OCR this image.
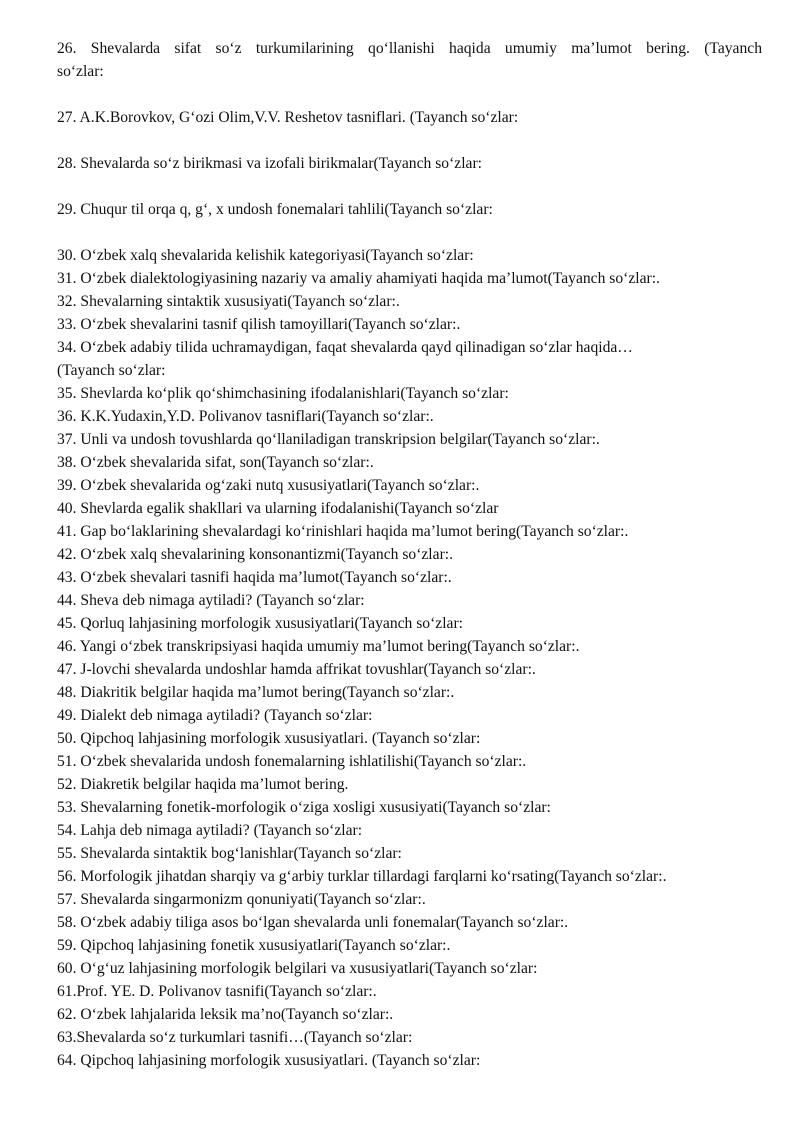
26. Shevalarda sifat so‘z turkumilarining qo‘llanishi haqida umumiy ma’lumot bering. (Tayanch
so‘zlar:
27. A.K.Borovkov, G‘ozi Olim,V.V. Reshetov tasniflari. (Tayanch so‘zlar:
28. Shevalarda so‘z birikmasi va izofali birikmalar(Tayanch so‘zlar:
29. Chuqur til orqa q, g‘, x undosh fonemalari tahlili(Tayanch so‘zlar:
30. O‘zbek xalq shevalarida kelishik kategoriyasi(Tayanch so‘zlar:
31. O‘zbek dialektologiyasining nazariy va amaliy ahamiyati haqida ma’lumot(Tayanch so‘zlar:.
32. Shevalarning sintaktik xususiyati(Tayanch so‘zlar:.
33. O‘zbek shevalarini tasnif qilish tamoyillari(Tayanch so‘zlar:.
34. O‘zbek adabiy tilida uchramaydigan, faqat shevalarda qayd qilinadigan so‘zlar haqida…
(Tayanch so‘zlar:
35. Shevlarda ko‘plik qo‘shimchasining ifodalanishlari(Tayanch so‘zlar:
36. K.K.Yudaxin,Y.D. Polivanov tasniflari(Tayanch so‘zlar:.
37. Unli va undosh tovushlarda qo‘llaniladigan transkripsion belgilar(Tayanch so‘zlar:.
38. O‘zbek shevalarida sifat, son(Tayanch so‘zlar:.
39. O‘zbek shevalarida og‘zaki nutq xususiyatlari(Tayanch so‘zlar:.
40. Shevlarda egalik shakllari va ularning ifodalanishi(Tayanch so‘zlar
41. Gap bo‘laklarining shevalardagi ko‘rinishlari haqida ma’lumot bering(Tayanch so‘zlar:.
42. O‘zbek xalq shevalarining konsonantizmi(Tayanch so‘zlar:.
43. O‘zbek shevalari tasnifi haqida ma’lumot(Tayanch so‘zlar:.
44. Sheva deb nimaga aytiladi? (Tayanch so‘zlar:
45. Qorluq lahjasining morfologik xususiyatlari(Tayanch so‘zlar:
46. Yangi o‘zbek transkripsiyasi haqida umumiy ma’lumot bering(Tayanch so‘zlar:.
47. J-lovchi shevalarda undoshlar hamda affrikat tovushlar(Tayanch so‘zlar:.
48. Diakritik belgilar haqida ma’lumot bering(Tayanch so‘zlar:.
49. Dialekt deb nimaga aytiladi? (Tayanch so‘zlar:
50. Qipchoq lahjasining morfologik xususiyatlari. (Tayanch so‘zlar:
51. O‘zbek shevalarida undosh fonemalarning ishlatilishi(Tayanch so‘zlar:.
52. Diakretik belgilar haqida ma’lumot bering.
53. Shevalarning fonetik-morfologik o‘ziga xosligi xususiyati(Tayanch so‘zlar:
54. Lahja deb nimaga aytiladi? (Tayanch so‘zlar:
55. Shevalarda sintaktik bog‘lanishlar(Tayanch so‘zlar:
56. Morfologik jihatdan sharqiy va g‘arbiy turklar tillardagi farqlarni ko‘rsating(Tayanch so‘zlar:.
57. Shevalarda singarmonizm qonuniyati(Tayanch so‘zlar:.
58. O‘zbek adabiy tiliga asos bo‘lgan shevalarda unli fonemalar(Tayanch so‘zlar:.
59. Qipchoq lahjasining fonetik xususiyatlari(Tayanch so‘zlar:.
60. O‘g‘uz lahjasining morfologik belgilari va xususiyatlari(Tayanch so‘zlar:
61.Prof. YE. D. Polivanov tasnifi(Tayanch so‘zlar:.
62. O‘zbek lahjalarida leksik ma’no(Tayanch so‘zlar:.
63.Shevalarda so‘z turkumlari tasnifi…(Tayanch so‘zlar:
64. Qipchoq lahjasining morfologik xususiyatlari. (Tayanch so‘zlar:
